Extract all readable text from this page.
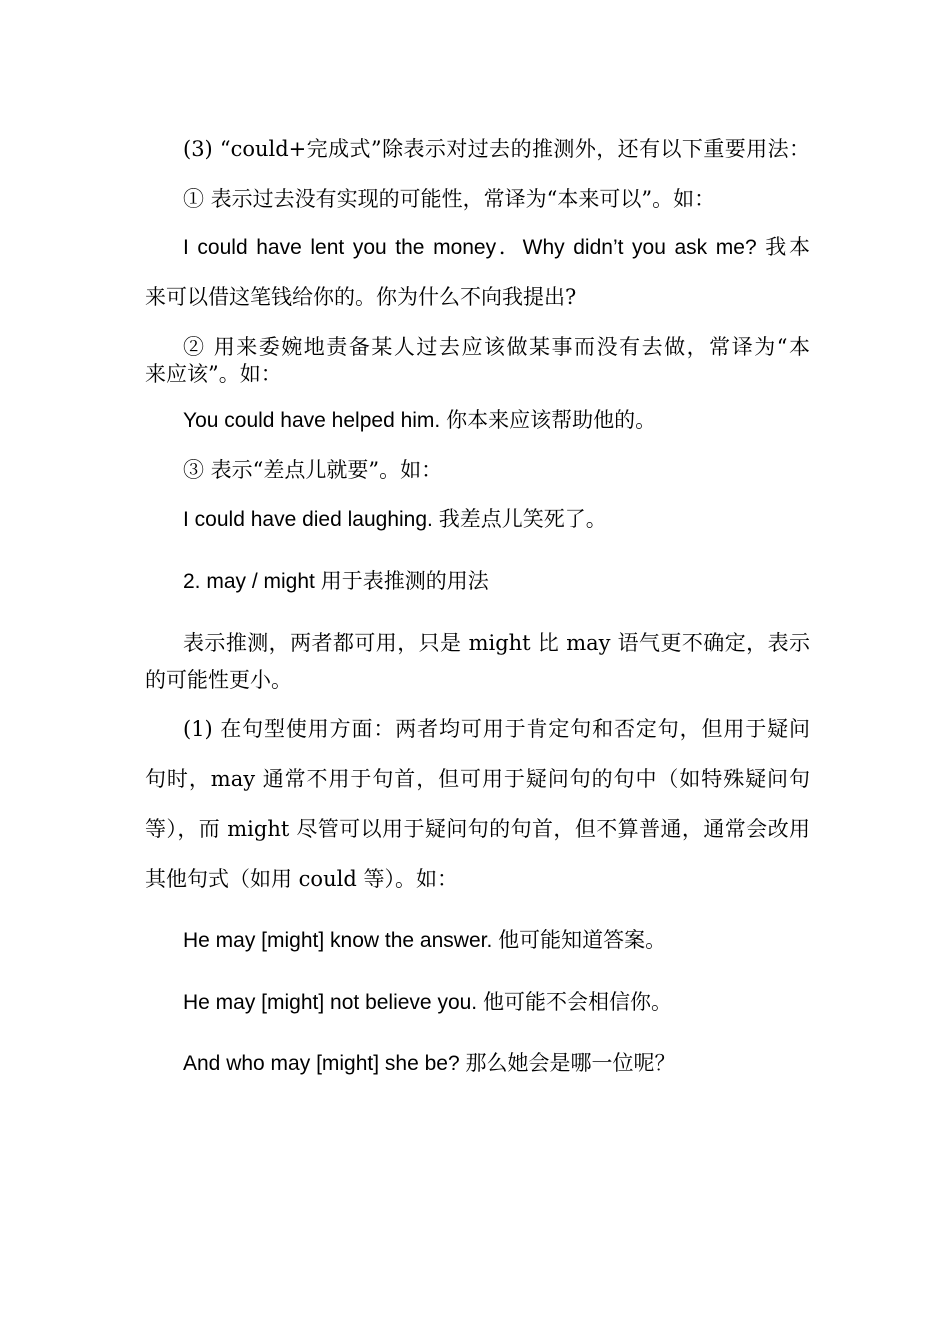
(3) “could+完成式”除表示对过去的推测外，还有以下重要用法：
① 表示过去没有实现的可能性，常译为“本来可以”。如：
I could have lent you the money．Why didn’t you ask me? 我本
来可以借这笔钱给你的。你为什么不向我提出?
② 用来委婉地责备某人过去应该做某事而没有去做，常译为“本
来应该”。如：
You could have helped him. 你本来应该帮助他的。
③ 表示“差点儿就要”。如：
I could have died laughing. 我差点儿笑死了。
2. may / might 用于表推测的用法
表示推测，两者都可用，只是 might 比 may 语气更不确定，表示
的可能性更小。
(1) 在句型使用方面：两者均可用于肯定句和否定句，但用于疑问
句时，may 通常不用于句首，但可用于疑问句的句中（如特殊疑问句
等），而 might 尽管可以用于疑问句的句首，但不算普通，通常会改用
其他句式（如用 could 等）。如：
He may [might] know the answer. 他可能知道答案。
He may [might] not believe you. 他可能不会相信你。
And who may [might] she be? 那么她会是哪一位呢？
